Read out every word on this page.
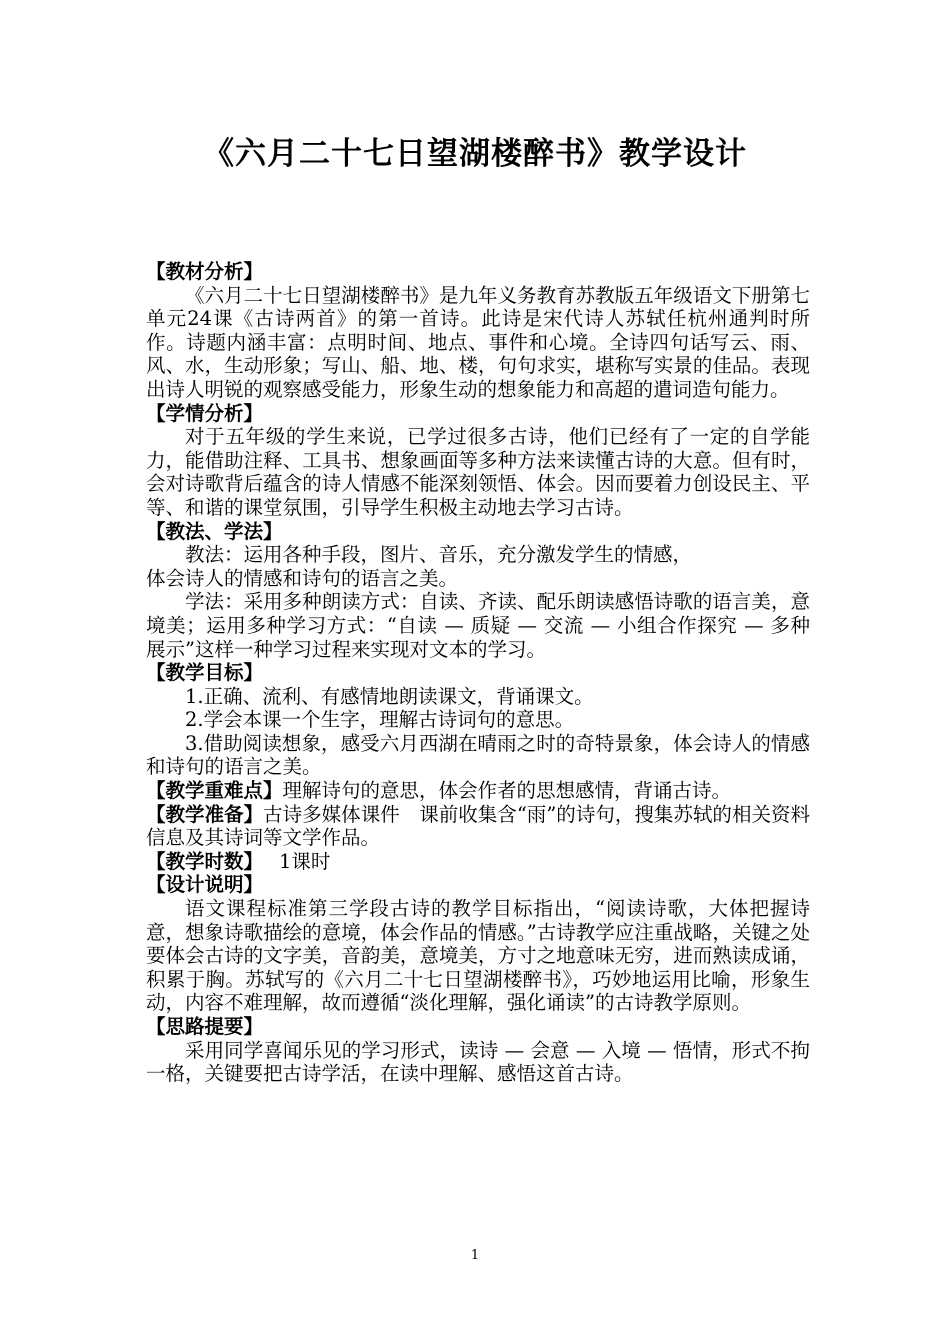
《六月二十七日望湖楼醉书》教学设计

【教材分析】

《六月二十七日望湖楼醉书》是九年义务教育苏教版五年级语文下册第七单元24课《古诗两首》的第一首诗。此诗是宋代诗人苏轼任杭州通判时所作。诗题内涵丰富：点明时间、地点、事件和心境。全诗四句话写云、雨、风、水，生动形象；写山、船、地、楼，句句求实，堪称写实景的佳品。表现出诗人明锐的观察感受能力，形象生动的想象能力和高超的遣词造句能力。

【学情分析】

对于五年级的学生来说，已学过很多古诗，他们已经有了一定的自学能力，能借助注释、工具书、想象画面等多种方法来读懂古诗的大意。但有时，会对诗歌背后蕴含的诗人情感不能深刻领悟、体会。因而要着力创设民主、平等、和谐的课堂氛围，引导学生积极主动地去学习古诗。

【教法、学法】

教法：运用各种手段，图片、音乐，充分激发学生的情感，

体会诗人的情感和诗句的语言之美。

学法：采用多种朗读方式：自读、齐读、配乐朗读感悟诗歌的语言美，意境美；运用多种学习方式：“自读 — 质疑 — 交流 — 小组合作探究 — 多种展示”这样一种学习过程来实现对文本的学习。

【教学目标】

1.正确、流利、有感情地朗读课文，背诵课文。

2.学会本课一个生字，理解古诗词句的意思。

3.借助阅读想象，感受六月西湖在晴雨之时的奇特景象，体会诗人的情感和诗句的语言之美。

【教学重难点】理解诗句的意思，体会作者的思想感情，背诵古诗。

【教学准备】古诗多媒体课件　课前收集含“雨”的诗句，搜集苏轼的相关资料信息及其诗词等文学作品。

【教学时数】 1课时

【设计说明】

语文课程标准第三学段古诗的教学目标指出，“阅读诗歌，大体把握诗意，想象诗歌描绘的意境，体会作品的情感。”古诗教学应注重战略，关键之处要体会古诗的文字美，音韵美，意境美，方寸之地意味无穷，进而熟读成诵，积累于胸。苏轼写的《六月二十七日望湖楼醉书》，巧妙地运用比喻，形象生动，内容不难理解，故而遵循“淡化理解，强化诵读”的古诗教学原则。

【思路提要】

采用同学喜闻乐见的学习形式，读诗 — 会意 — 入境 — 悟情，形式不拘一格，关键要把古诗学活，在读中理解、感悟这首古诗。

1
